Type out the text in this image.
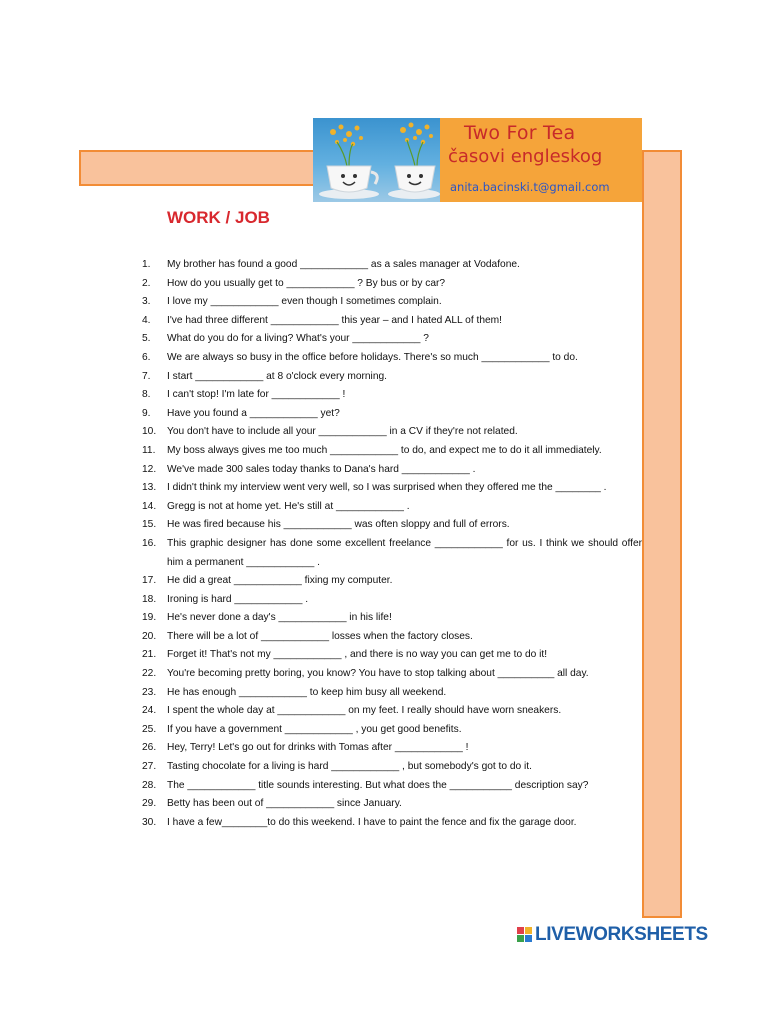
Two For Tea
časovi engleskog
anita.bacinski.t@gmail.com
WORK / JOB
1.	My brother has found a good ____________ as a sales manager at Vodafone.
2.	How do you usually get to ____________ ? By bus or by car?
3.	I love my ____________ even though I sometimes complain.
4.	I've had three different ____________ this year – and I hated ALL of them!
5.	What do you do for a living? What's your ____________ ?
6.	We are always so busy in the office before holidays. There's so much ____________ to do.
7.	I start ____________ at 8 o'clock every morning.
8.	I can't stop! I'm late for ____________ !
9.	Have you found a ____________ yet?
10.	You don't have to include all your ____________ in a CV if they're not related.
11.	My boss always gives me too much ____________ to do, and expect me to do it all immediately.
12.	We've made 300 sales today thanks to Dana's hard ____________ .
13.	I didn't think my interview went very well, so I was surprised when they offered me the ________ .
14.	Gregg is not at home yet. He's still at ____________ .
15.	He was fired because his ____________ was often sloppy and full of errors.
16.	This graphic designer has done some excellent freelance ____________ for us. I think we should offer him a permanent ____________ .
17.	He did a great ____________ fixing my computer.
18.	Ironing is hard ____________ .
19.	He's never done a day's ____________ in his life!
20.	There will be a lot of ____________ losses when the factory closes.
21.	Forget it! That's not my ____________ , and there is no way you can get me to do it!
22.	You're becoming pretty boring, you know? You have to stop talking about __________ all day.
23.	He has enough ____________ to keep him busy all weekend.
24.	I spent the whole day at ____________ on my feet. I really should have worn sneakers.
25.	If you have a government ____________ , you get good benefits.
26.	Hey, Terry! Let's go out for drinks with Tomas after ____________ !
27.	Tasting chocolate for a living is hard ____________ , but somebody's got to do it.
28.	The ____________ title sounds interesting. But what does the ___________ description say?
29.	Betty has been out of ____________ since January.
30.	I have a few________to do this weekend. I have to paint the fence and fix the garage door.
LIVEWORKSHEETS
